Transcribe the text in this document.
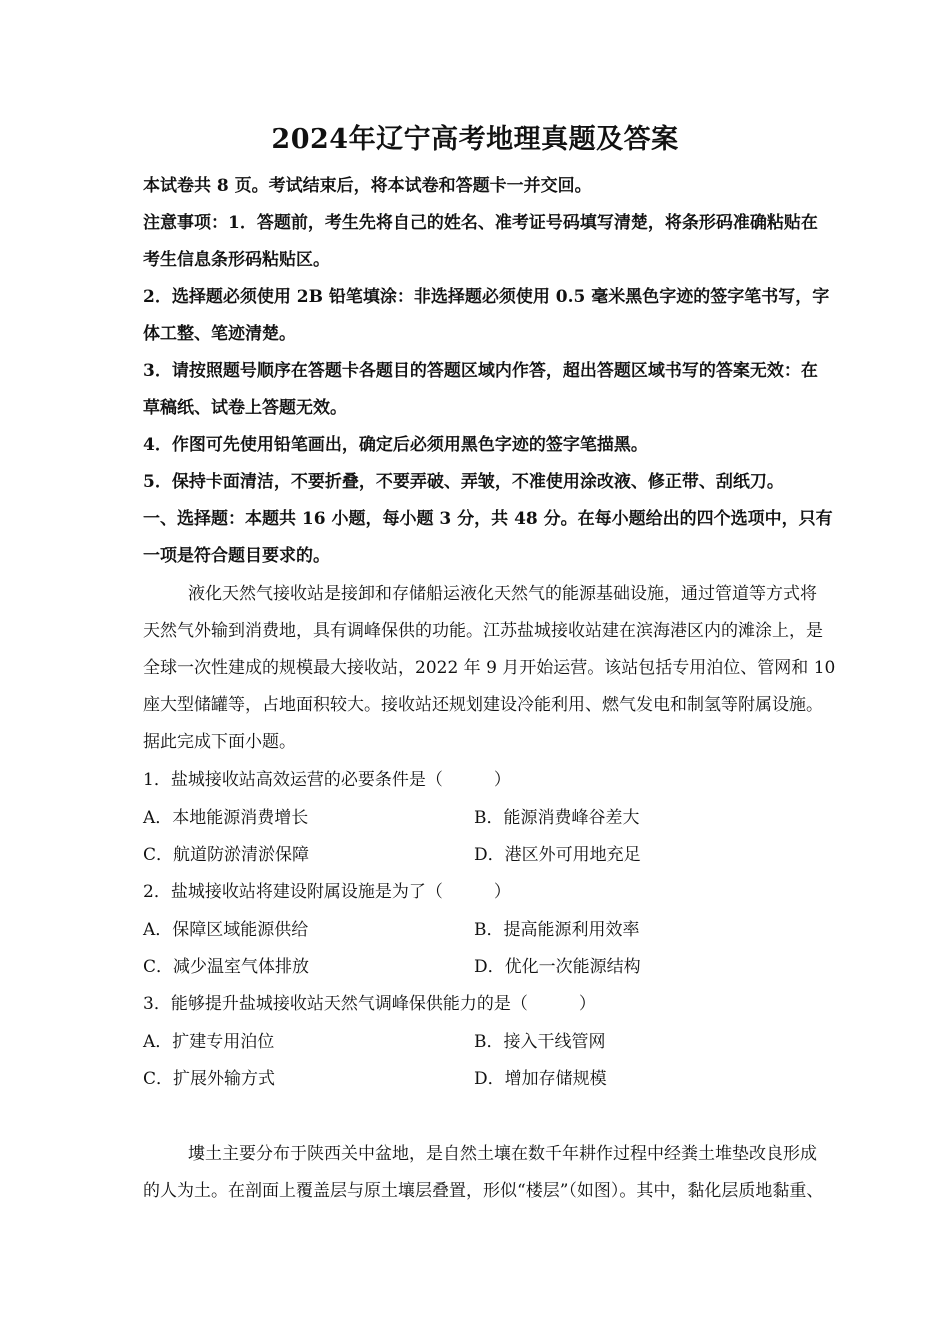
2024年辽宁高考地理真题及答案
本试卷共 8 页。考试结束后，将本试卷和答题卡一并交回。
注意事项：1．答题前，考生先将自己的姓名、准考证号码填写清楚，将条形码准确粘贴在
考生信息条形码粘贴区。
2．选择题必须使用 2B 铅笔填涂：非选择题必须使用 0.5 毫米黑色字迹的签字笔书写，字
体工整、笔迹清楚。
3．请按照题号顺序在答题卡各题目的答题区域内作答，超出答题区域书写的答案无效：在
草稿纸、试卷上答题无效。
4．作图可先使用铅笔画出，确定后必须用黑色字迹的签字笔描黑。
5．保持卡面清洁，不要折叠，不要弄破、弄皱，不准使用涂改液、修正带、刮纸刀。
一、选择题：本题共 16 小题，每小题 3 分，共 48 分。在每小题给出的四个选项中，只有
一项是符合题目要求的。
液化天然气接收站是接卸和存储船运液化天然气的能源基础设施，通过管道等方式将
天然气外输到消费地，具有调峰保供的功能。江苏盐城接收站建在滨海港区内的滩涂上，是
全球一次性建成的规模最大接收站，2022 年 9 月开始运营。该站包括专用泊位、管网和 10
座大型储罐等，占地面积较大。接收站还规划建设冷能利用、燃气发电和制氢等附属设施。
据此完成下面小题。
1．盐城接收站高效运营的必要条件是（　　　）
A．本地能源消费增长	B．能源消费峰谷差大
C．航道防淤清淤保障	D．港区外可用地充足
2．盐城接收站将建设附属设施是为了（　　　）
A．保障区域能源供给	B．提高能源利用效率
C．减少温室气体排放	D．优化一次能源结构
3．能够提升盐城接收站天然气调峰保供能力的是（　　　）
A．扩建专用泊位	B．接入干线管网
C．扩展外输方式	D．增加存储规模
塿土主要分布于陕西关中盆地，是自然土壤在数千年耕作过程中经粪土堆垫改良形成
的人为土。在剖面上覆盖层与原土壤层叠置，形似“楼层”（如图）。其中，黏化层质地黏重、
